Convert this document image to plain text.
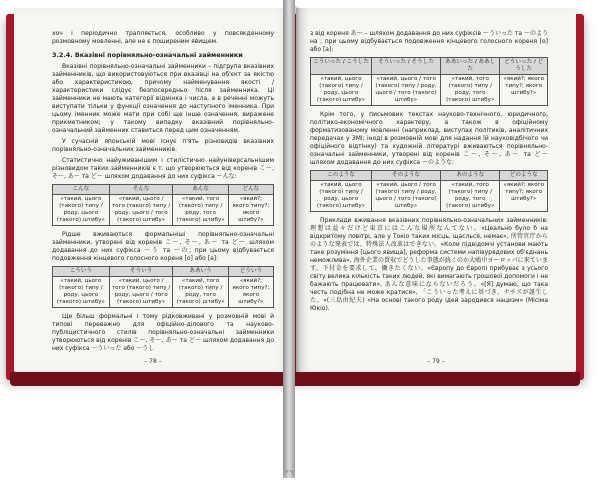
хоч і періодично трапляється, особливо у повсякденному розмовному мовленні, але не є поширеним явищем.

3.2.4. Вказівні порівняльно-означальні займенники

Вказівні порівняльно-означальні займенники – підгрупа вказівних займенників, що використовуються при вказівці на об'єкт за якістю або характеристикою, причому найменування якості / характеристики слідує безпосередньо після займенника. Ці займенники не мають категорії відмінка і числа, а в реченні можуть виступати тільки у функції означення до наступного іменника. При цьому іменник може мати при собі ще інше означення, виражене прикметником; у такому випадку вказівний порівняльно-означальний займенник ставиться перед цим означенням.

У сучасній японській мові існує п'ять різновидів вказівних порівняльно-означальних займенників.

Статистично найуживанішим і стилістично найуніверсальнішим різновидом таких займенників є т. що утворюються від коренів こ〜, そ〜, あ〜 та ど〜 шляхом додавання до них суфікса 〜んな:

こんな	そんな	あんな	どんな
«такий, цього (такого) типу / роду, цього (такого) штибу»	«такий, цього / того (такого) типу / роду, цього / того (такого) штибу»	«такий, того (такого) типу / роду, того (такого) штибу»	«який?; якого типу?; якого штибу?»

Рідше вживаються формальніші порівняльно-означальні займенники, утворені від коренів こ〜, そ〜, あ〜 та ど〜 шляхом додавання до них суфікса 〜う та 〜の; при цьому відбувається подовження кінцевого голосного кореня [о] або [а]:

こういう	そういう	ああいう	どういう
«такий, цього (такого) типу / роду, цього (такого) штибу»	«такий, цього / того (такого) типу / роду, цього / того (такого) штибу»	«такий, того (такого) типу / роду, того (такого) штибу»	«який?; якого типу?; якого штибу?»

Ще більш формальні і тому рідковживані у розмовній мові й типові переважно для офіційно-ділового та науково-публіцистичного стилів порівняльно-означальні займенники утворюються від коренів こ〜, そ〜, あ〜 та ど〜 шляхом додавання до них суфікса 〜ういった або 〜うし

– 78 –

з від кореня あ〜 – шляхом додавання до них суфіксів 〜ういった та 〜のよう на ; при цьому відбувається подовження кінцевого голосного кореня [о] або [а]:

こういった / こうした	そういった / そうした	ああいった / ああした	どういった / どうした
«такий, цього (такого) типу / роду, цього (такого) штибу»	«такий, цього / того (такого) типу / роду, цього / того (такого) штибу»	«такий, того (такого) типу / роду, того (такого) штибу»	«який?; якого типу?; якого штибу?»

Крім того, у письмових текстах науково-технічного, юридичного, політико-економічного характеру, а також в офіційному форматизованому мовленні (наприклад, виступах політиків, аналітичних передачах у ЗМІ; іноді в розмовній мові для надання їй науковідбічого чи офіційного відтінку) та художній літературі вживаються порівняльно-означальні займенники, утворені від коренів こ〜, そ〜, あ〜 та ど〜 шляхом додавання до них суфікса 〜のような:

このような	そのような	あのような	どのような
«такий, цього (такого) типу / роду, цього (такого) штибу»	«такий, цього / того (такого) типу / роду, цього / того (такого) штибу»	«такий, того (такого) типу / роду, того (такого) штибу»	«який?; якого типу?; якого штибу?»

Приклади вживання вказівних порівняльно-означальних займенників: 理想は益々だけど東京にはこんな場所なんてない。«Цеально було б на відкритому повітрі, але у Токіо таких місць, щаслься, немає», 所管官庁からのような発表では、特殊法人改革はできない。«Коли підвідомчі установи мають таке розуміння [цього явища], реформа системи напівурядових об'єднань неможлива», 海外企業の買収でどうした事態が続くのか大嶋中ヨーロッパに来ています。下付金を要求して、働きたくない。«Європу до Європі прибуває з усього світу велика кількість таких людей, які вимагають грошової допомоги і не бажають працювати», あんな意味にならないだろう。«[Я] думаю, що така честь подібна не може кратися», 「こういった考えに基づき、ナチスが誕生した。»(三島由紀夫) «На основі такого роду ідей зародився нацизм» (Місіма Юкіо).

– 79 –
